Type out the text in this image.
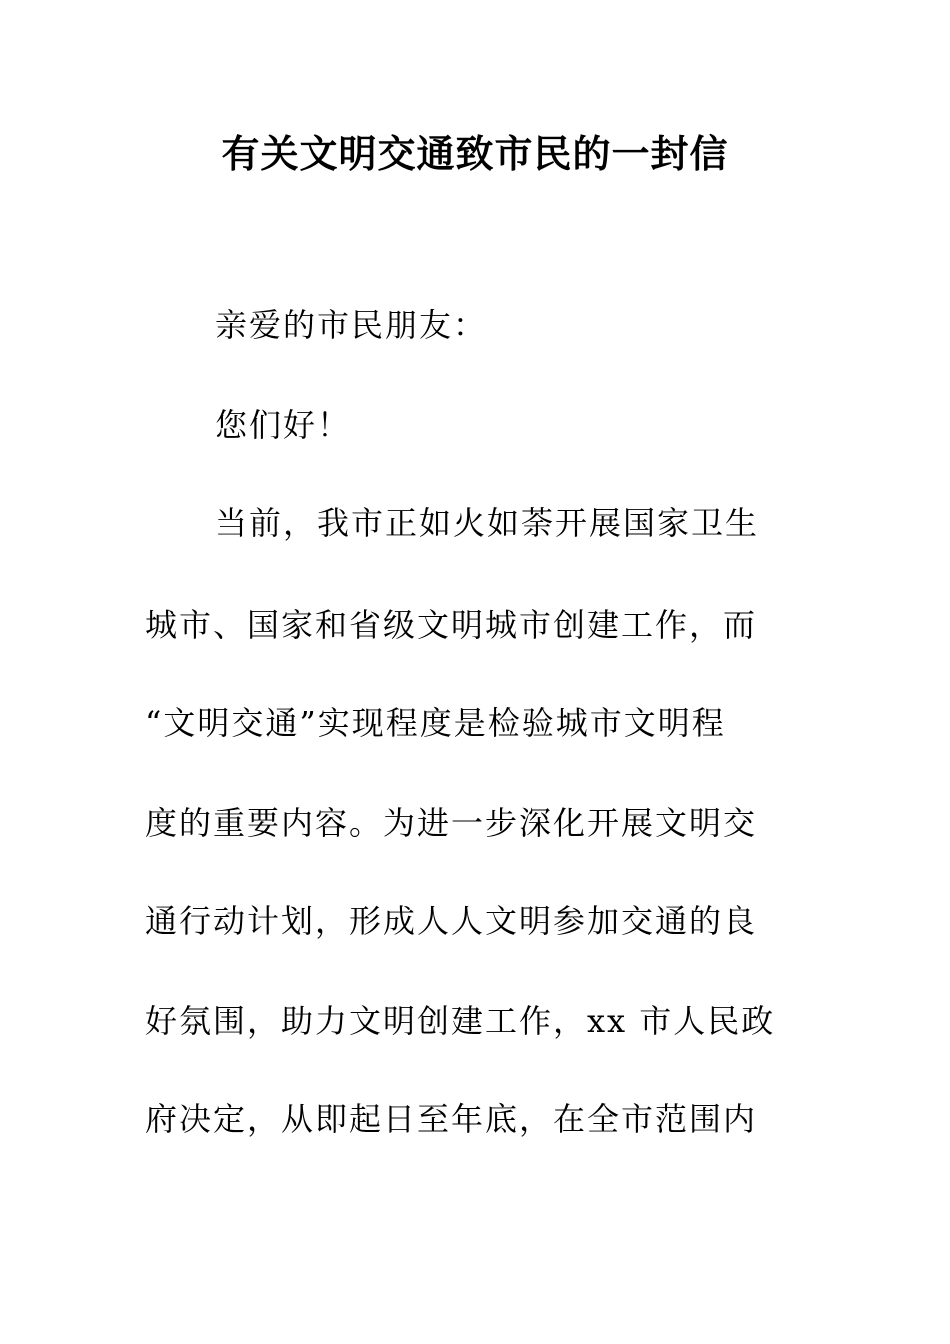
有关文明交通致市民的一封信
亲爱的市民朋友：
您们好！
当前，我市正如火如荼开展国家卫生
城市、国家和省级文明城市创建工作，而
“文明交通”实现程度是检验城市文明程
度的重要内容。为进一步深化开展文明交
通行动计划，形成人人文明参加交通的良
好氛围，助力文明创建工作，xx 市人民政
府决定，从即起日至年底，在全市范围内
